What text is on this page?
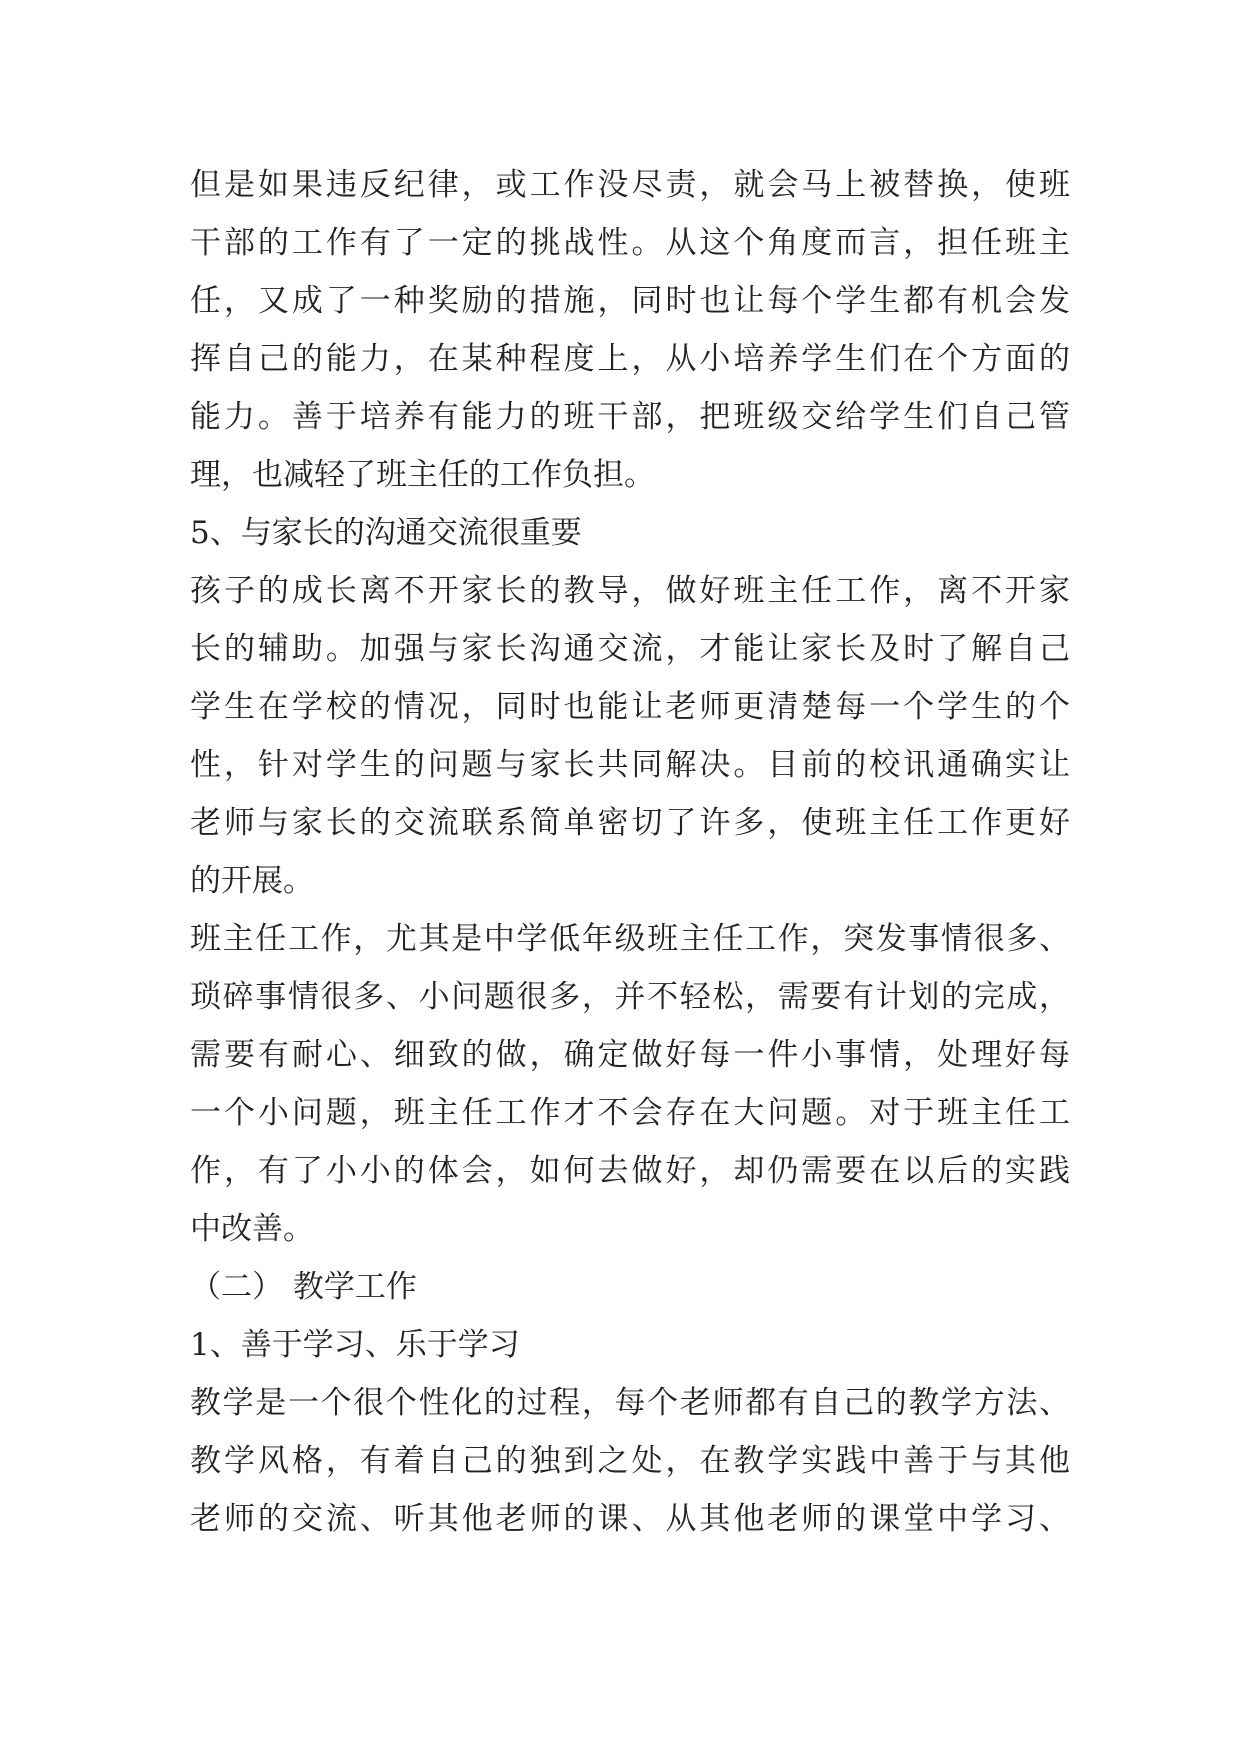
但是如果违反纪律，或工作没尽责，就会马上被替换，使班
干部的工作有了一定的挑战性。从这个角度而言，担任班主
任，又成了一种奖励的措施，同时也让每个学生都有机会发
挥自己的能力，在某种程度上，从小培养学生们在个方面的
能力。善于培养有能力的班干部，把班级交给学生们自己管
理，也减轻了班主任的工作负担。
5、与家长的沟通交流很重要
孩子的成长离不开家长的教导，做好班主任工作，离不开家
长的辅助。加强与家长沟通交流，才能让家长及时了解自己
学生在学校的情况，同时也能让老师更清楚每一个学生的个
性，针对学生的问题与家长共同解决。目前的校讯通确实让
老师与家长的交流联系简单密切了许多，使班主任工作更好
的开展。
班主任工作，尤其是中学低年级班主任工作，突发事情很多、
琐碎事情很多、小问题很多，并不轻松，需要有计划的完成，
需要有耐心、细致的做，确定做好每一件小事情，处理好每
一个小问题，班主任工作才不会存在大问题。对于班主任工
作，有了小小的体会，如何去做好，却仍需要在以后的实践
中改善。
（二） 教学工作
1、善于学习、乐于学习
教学是一个很个性化的过程，每个老师都有自己的教学方法、
教学风格，有着自己的独到之处，在教学实践中善于与其他
老师的交流、听其他老师的课、从其他老师的课堂中学习、
